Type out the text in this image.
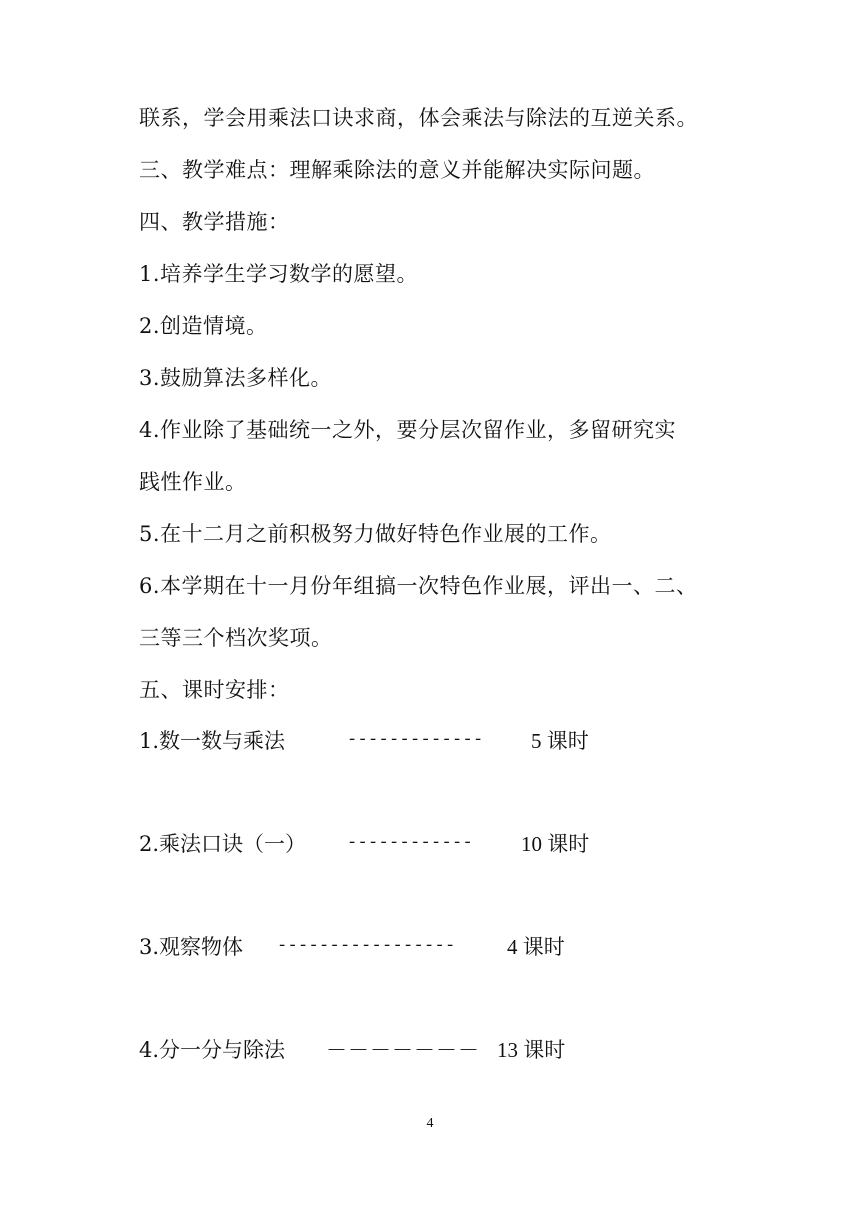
联系，学会用乘法口诀求商，体会乘法与除法的互逆关系。
三、教学难点：理解乘除法的意义并能解决实际问题。
四、教学措施：
1.培养学生学习数学的愿望。
2.创造情境。
3.鼓励算法多样化。
4.作业除了基础统一之外，要分层次留作业，多留研究实
践性作业。
5.在十二月之前积极努力做好特色作业展的工作。
6.本学期在十一月份年组搞一次特色作业展，评出一、二、
三等三个档次奖项。
五、课时安排：
1.数一数与乘法	------------- 5 课时
2.乘法口诀（一） ------------ 10 课时
3.观察物体 ----------------- 4 课时
4.分一分与除法 －－－－－－－ 13 课时
4
